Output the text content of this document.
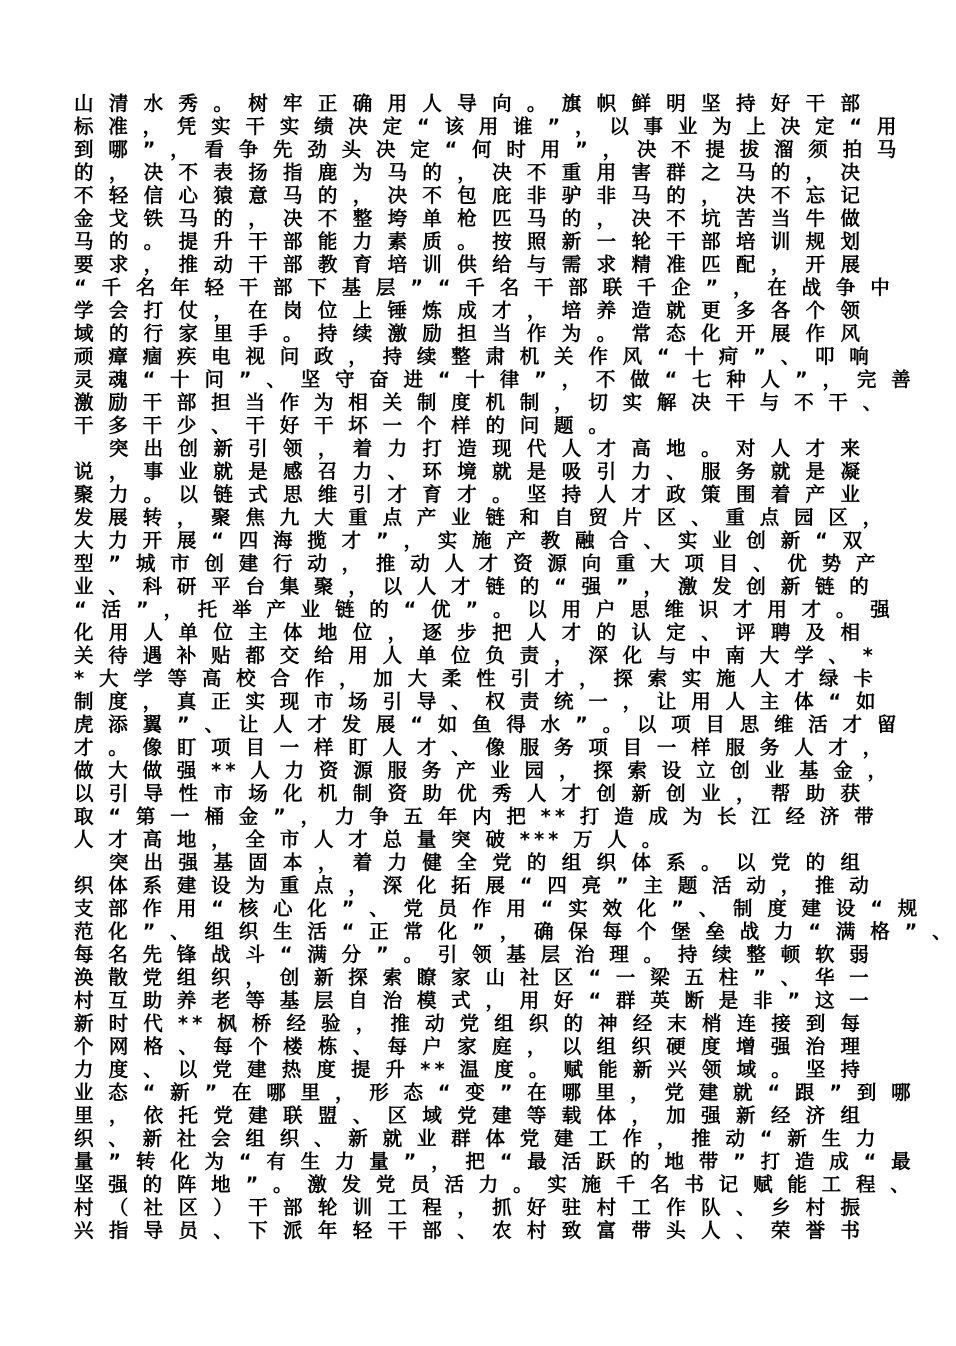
山 清 水 秀 。 树 牢 正 确 用 人 导 向 。 旗 帜 鲜 明 坚 持 好 干 部
标 准 ， 凭 实 干 实 绩 决 定 “ 该 用 谁 ” ， 以 事 业 为 上 决 定 “ 用
到 哪 ” ， 看 争 先 劲 头 决 定 “ 何 时 用 ” ， 决 不 提 拔 溜 须 拍 马
的 ， 决 不 表 扬 指 鹿 为 马 的 ， 决 不 重 用 害 群 之 马 的 ， 决
不 轻 信 心 猿 意 马 的 ， 决 不 包 庇 非 驴 非 马 的 ， 决 不 忘 记
金 戈 铁 马 的 ， 决 不 整 垮 单 枪 匹 马 的 ， 决 不 坑 苦 当 牛 做
马 的 。 提 升 干 部 能 力 素 质 。 按 照 新 一 轮 干 部 培 训 规 划
要 求 ， 推 动 干 部 教 育 培 训 供 给 与 需 求 精 准 匹 配 ， 开 展
“ 千 名 年 轻 干 部 下 基 层 ” “ 千 名 干 部 联 千 企 ” ， 在 战 争 中
学 会 打 仗 ， 在 岗 位 上 锤 炼 成 才 ， 培 养 造 就 更 多 各 个 领
域 的 行 家 里 手 。 持 续 激 励 担 当 作 为 。 常 态 化 开 展 作 风
顽 瘴 痼 疾 电 视 问 政 ， 持 续 整 肃 机 关 作 风 “ 十 疴 ” 、 叩 响
灵 魂 “ 十 问 ” 、 坚 守 奋 进 “ 十 律 ” ， 不 做 “ 七 种 人 ” ， 完 善
激 励 干 部 担 当 作 为 相 关 制 度 机 制 ， 切 实 解 决 干 与 不 干 、
干 多 干 少 、 干 好 干 坏 一 个 样 的 问 题 。
　 突 出 创 新 引 领 ， 着 力 打 造 现 代 人 才 高 地 。 对 人 才 来
说 ， 事 业 就 是 感 召 力 、 环 境 就 是 吸 引 力 、 服 务 就 是 凝
聚 力 。 以 链 式 思 维 引 才 育 才 。 坚 持 人 才 政 策 围 着 产 业
发 展 转 ， 聚 焦 九 大 重 点 产 业 链 和 自 贸 片 区 、 重 点 园 区 ，
大 力 开 展 “ 四 海 揽 才 ” ， 实 施 产 教 融 合 、 实 业 创 新 “ 双
型 ” 城 市 创 建 行 动 ， 推 动 人 才 资 源 向 重 大 项 目 、 优 势 产
业 、 科 研 平 台 集 聚 ， 以 人 才 链 的 “ 强 ” ， 激 发 创 新 链 的
“ 活 ” ， 托 举 产 业 链 的 “ 优 ” 。 以 用 户 思 维 识 才 用 才 。 强
化 用 人 单 位 主 体 地 位 ， 逐 步 把 人 才 的 认 定 、 评 聘 及 相
关 待 遇 补 贴 都 交 给 用 人 单 位 负 责 ， 深 化 与 中 南 大 学 、 *
* 大 学 等 高 校 合 作 ， 加 大 柔 性 引 才 ， 探 索 实 施 人 才 绿 卡
制 度 ， 真 正 实 现 市 场 引 导 、 权 责 统 一 ， 让 用 人 主 体 “ 如
虎 添 翼 ” 、 让 人 才 发 展 “ 如 鱼 得 水 ” 。 以 项 目 思 维 活 才 留
才 。 像 盯 项 目 一 样 盯 人 才 、 像 服 务 项 目 一 样 服 务 人 才 ，
做 大 做 强 ** 人 力 资 源 服 务 产 业 园 ， 探 索 设 立 创 业 基 金 ，
以 引 导 性 市 场 化 机 制 资 助 优 秀 人 才 创 新 创 业 ， 帮 助 获
取 “ 第 一 桶 金 ” ， 力 争 五 年 内 把 ** 打 造 成 为 长 江 经 济 带
人 才 高 地 ， 全 市 人 才 总 量 突 破 *** 万 人 。
　 突 出 强 基 固 本 ， 着 力 健 全 党 的 组 织 体 系 。 以 党 的 组
织 体 系 建 设 为 重 点 ， 深 化 拓 展 “ 四 亮 ” 主 题 活 动 ， 推 动
支 部 作 用 “ 核 心 化 ” 、 党 员 作 用 “ 实 效 化 ” 、 制 度 建 设 “ 规
范 化 ” 、 组 织 生 活 “ 正 常 化 ” ， 确 保 每 个 堡 垒 战 力 “ 满 格 ” 、
每 名 先 锋 战 斗 “ 满 分 ” 。 引 领 基 层 治 理 。 持 续 整 顿 软 弱
涣 散 党 组 织 ， 创 新 探 索 瞭 家 山 社 区 “ 一 梁 五 柱 ” 、 华 一
村 互 助 养 老 等 基 层 自 治 模 式 ， 用 好 “ 群 英 断 是 非 ” 这 一
新 时 代 ** 枫 桥 经 验 ， 推 动 党 组 织 的 神 经 末 梢 连 接 到 每
个 网 格 、 每 个 楼 栋 、 每 户 家 庭 ， 以 组 织 硬 度 增 强 治 理
力 度 、 以 党 建 热 度 提 升 ** 温 度 。 赋 能 新 兴 领 域 。 坚 持
业 态 “ 新 ” 在 哪 里 ， 形 态 “ 变 ” 在 哪 里 ， 党 建 就 “ 跟 ” 到 哪
里 ， 依 托 党 建 联 盟 、 区 域 党 建 等 载 体 ， 加 强 新 经 济 组
织 、 新 社 会 组 织 、 新 就 业 群 体 党 建 工 作 ， 推 动 “ 新 生 力
量 ” 转 化 为 “ 有 生 力 量 ” ， 把 “ 最 活 跃 的 地 带 ” 打 造 成 “ 最
坚 强 的 阵 地 ” 。 激 发 党 员 活 力 。 实 施 千 名 书 记 赋 能 工 程 、
村 （ 社 区 ） 干 部 轮 训 工 程 ， 抓 好 驻 村 工 作 队 、 乡 村 振
兴 指 导 员 、 下 派 年 轻 干 部 、 农 村 致 富 带 头 人 、 荣 誉 书
